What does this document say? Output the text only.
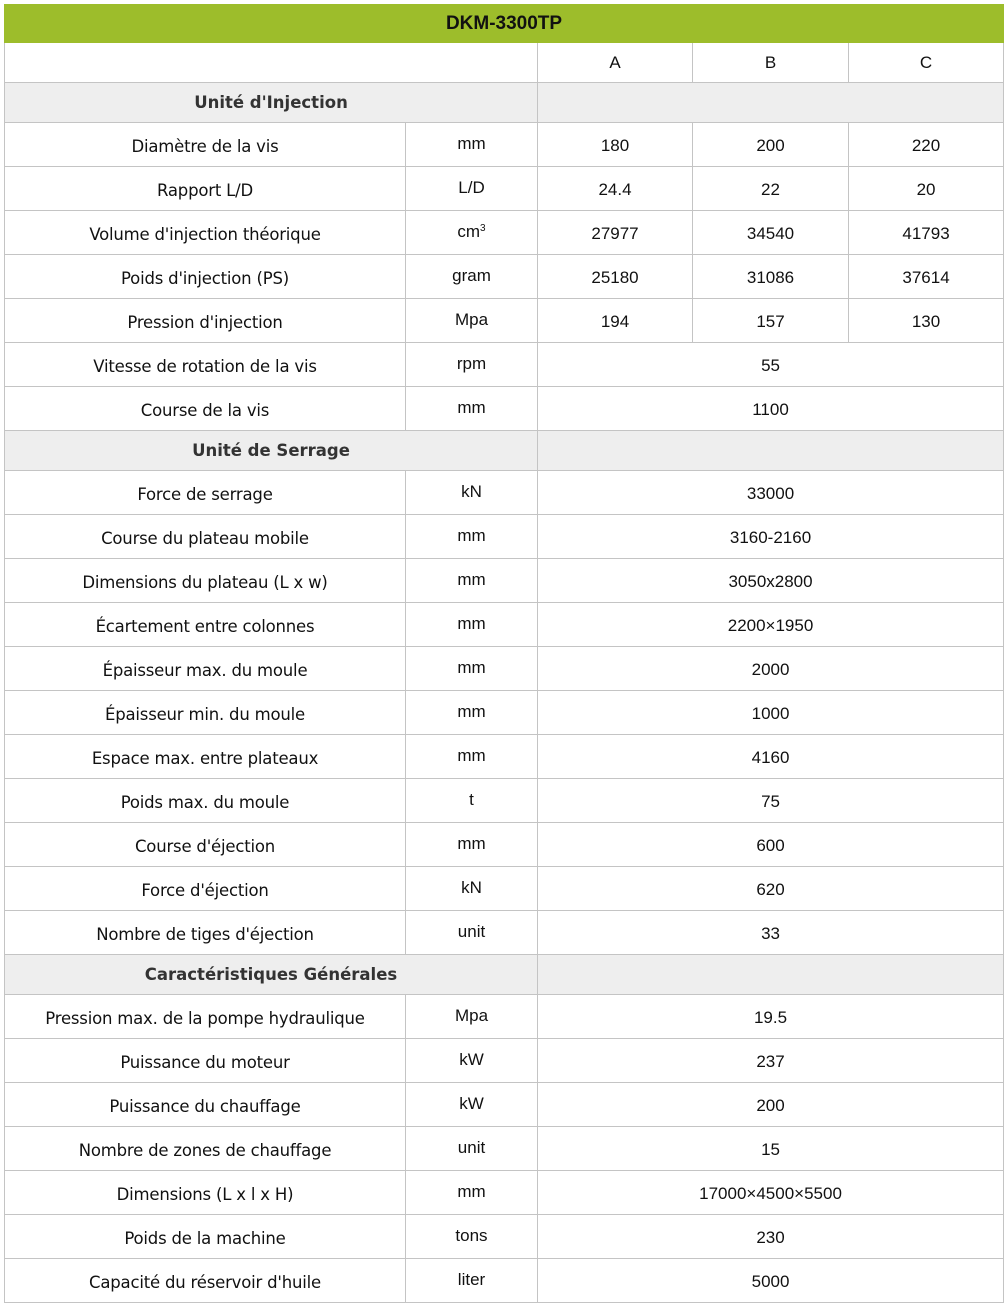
DKM-3300TP				
		A	B	C
Unité d'Injection				
Diamètre de la vis	mm	180	200	220
Rapport L/D	L/D	24.4	22	20
Volume d'injection théorique	$cm^3$	27977	34540	41793
Poids d'injection (PS)	gram	25180	31086	37614
Pression d'injection	Mpa	194	157	130
Vitesse de rotation de la vis	rpm	55		
Course de la vis	mm	1100		
Unité de Serrage				
Force de serrage	kN	33000		
Course du plateau mobile	mm	3160-2160		
Dimensions du plateau (L x w)	mm	3050x2800		
Écartement entre colonnes	mm	2200×1950		
Épaisseur max. du moule	mm	2000		
Épaisseur min. du moule	mm	1000		
Espace max. entre plateaux	mm	4160		
Poids max. du moule	t	75		
Course d'éjection	mm	600		
Force d'éjection	kN	620		
Nombre de tiges d'éjection	unit	33		
Caractéristiques Générales				
Pression max. de la pompe hydraulique	Mpa	19.5		
Puissance du moteur	kW	237		
Puissance du chauffage	kW	200		
Nombre de zones de chauffage	unit	15		
Dimensions (L x l x H)	mm	17000×4500×5500		
Poids de la machine	tons	230		
Capacité du réservoir d'huile	liter	5000		
